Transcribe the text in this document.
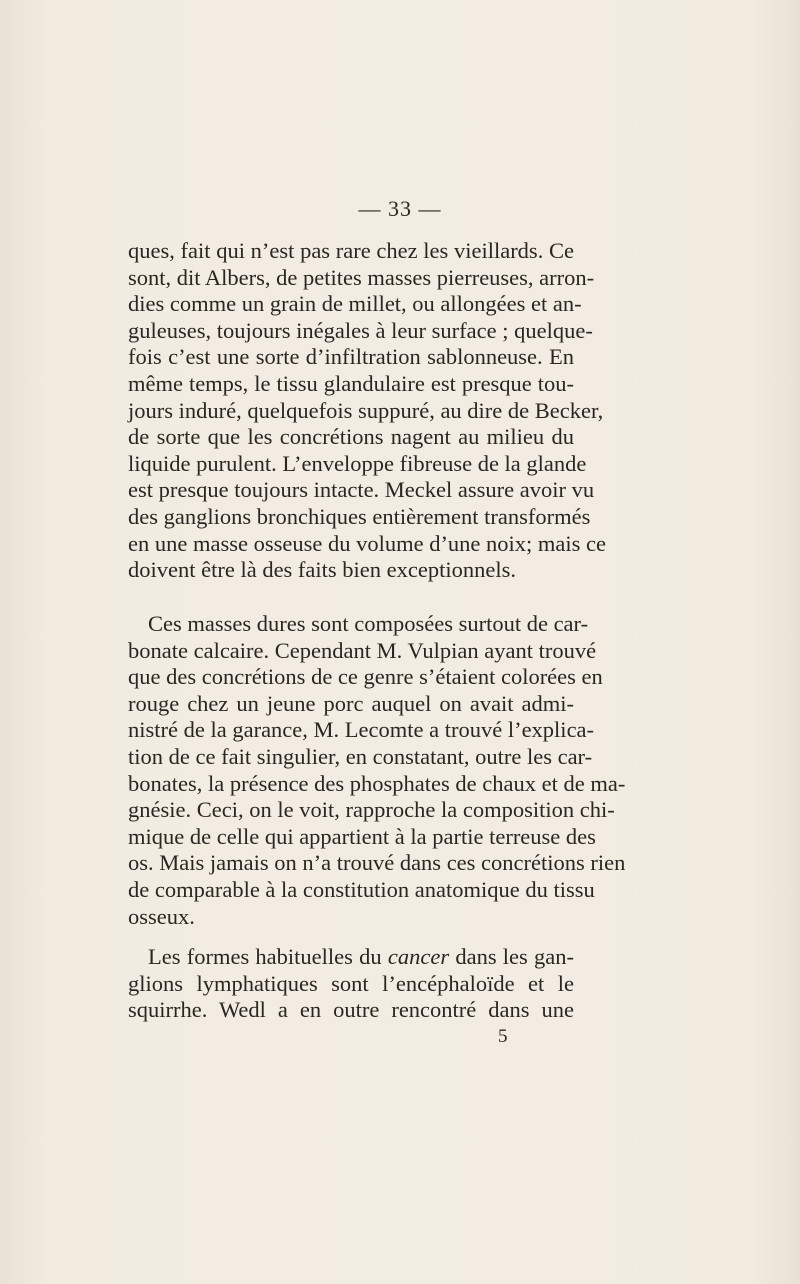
— 33 —
ques, fait qui n’est pas rare chez les vieillards. Ce
sont, dit Albers, de petites masses pierreuses, arron-
dies comme un grain de millet, ou allongées et an-
guleuses, toujours inégales à leur surface ; quelque-
fois c’est une sorte d’infiltration sablonneuse. En
même temps, le tissu glandulaire est presque tou-
jours induré, quelquefois suppuré, au dire de Becker,
de sorte que les concrétions nagent au milieu du
liquide purulent. L’enveloppe fibreuse de la glande
est presque toujours intacte. Meckel assure avoir vu
des ganglions bronchiques entièrement transformés
en une masse osseuse du volume d’une noix; mais ce
doivent être là des faits bien exceptionnels.
Ces masses dures sont composées surtout de car-
bonate calcaire. Cependant M. Vulpian ayant trouvé
que des concrétions de ce genre s’étaient colorées en
rouge chez un jeune porc auquel on avait admi-
nistré de la garance, M. Lecomte a trouvé l’explica-
tion de ce fait singulier, en constatant, outre les car-
bonates, la présence des phosphates de chaux et de ma-
gnésie. Ceci, on le voit, rapproche la composition chi-
mique de celle qui appartient à la partie terreuse des
os. Mais jamais on n’a trouvé dans ces concrétions rien
de comparable à la constitution anatomique du tissu
osseux.
Les formes habituelles du cancer dans les gan-
glions lymphatiques sont l’encéphaloïde et le
squirrhe. Wedl a en outre rencontré dans une
5
